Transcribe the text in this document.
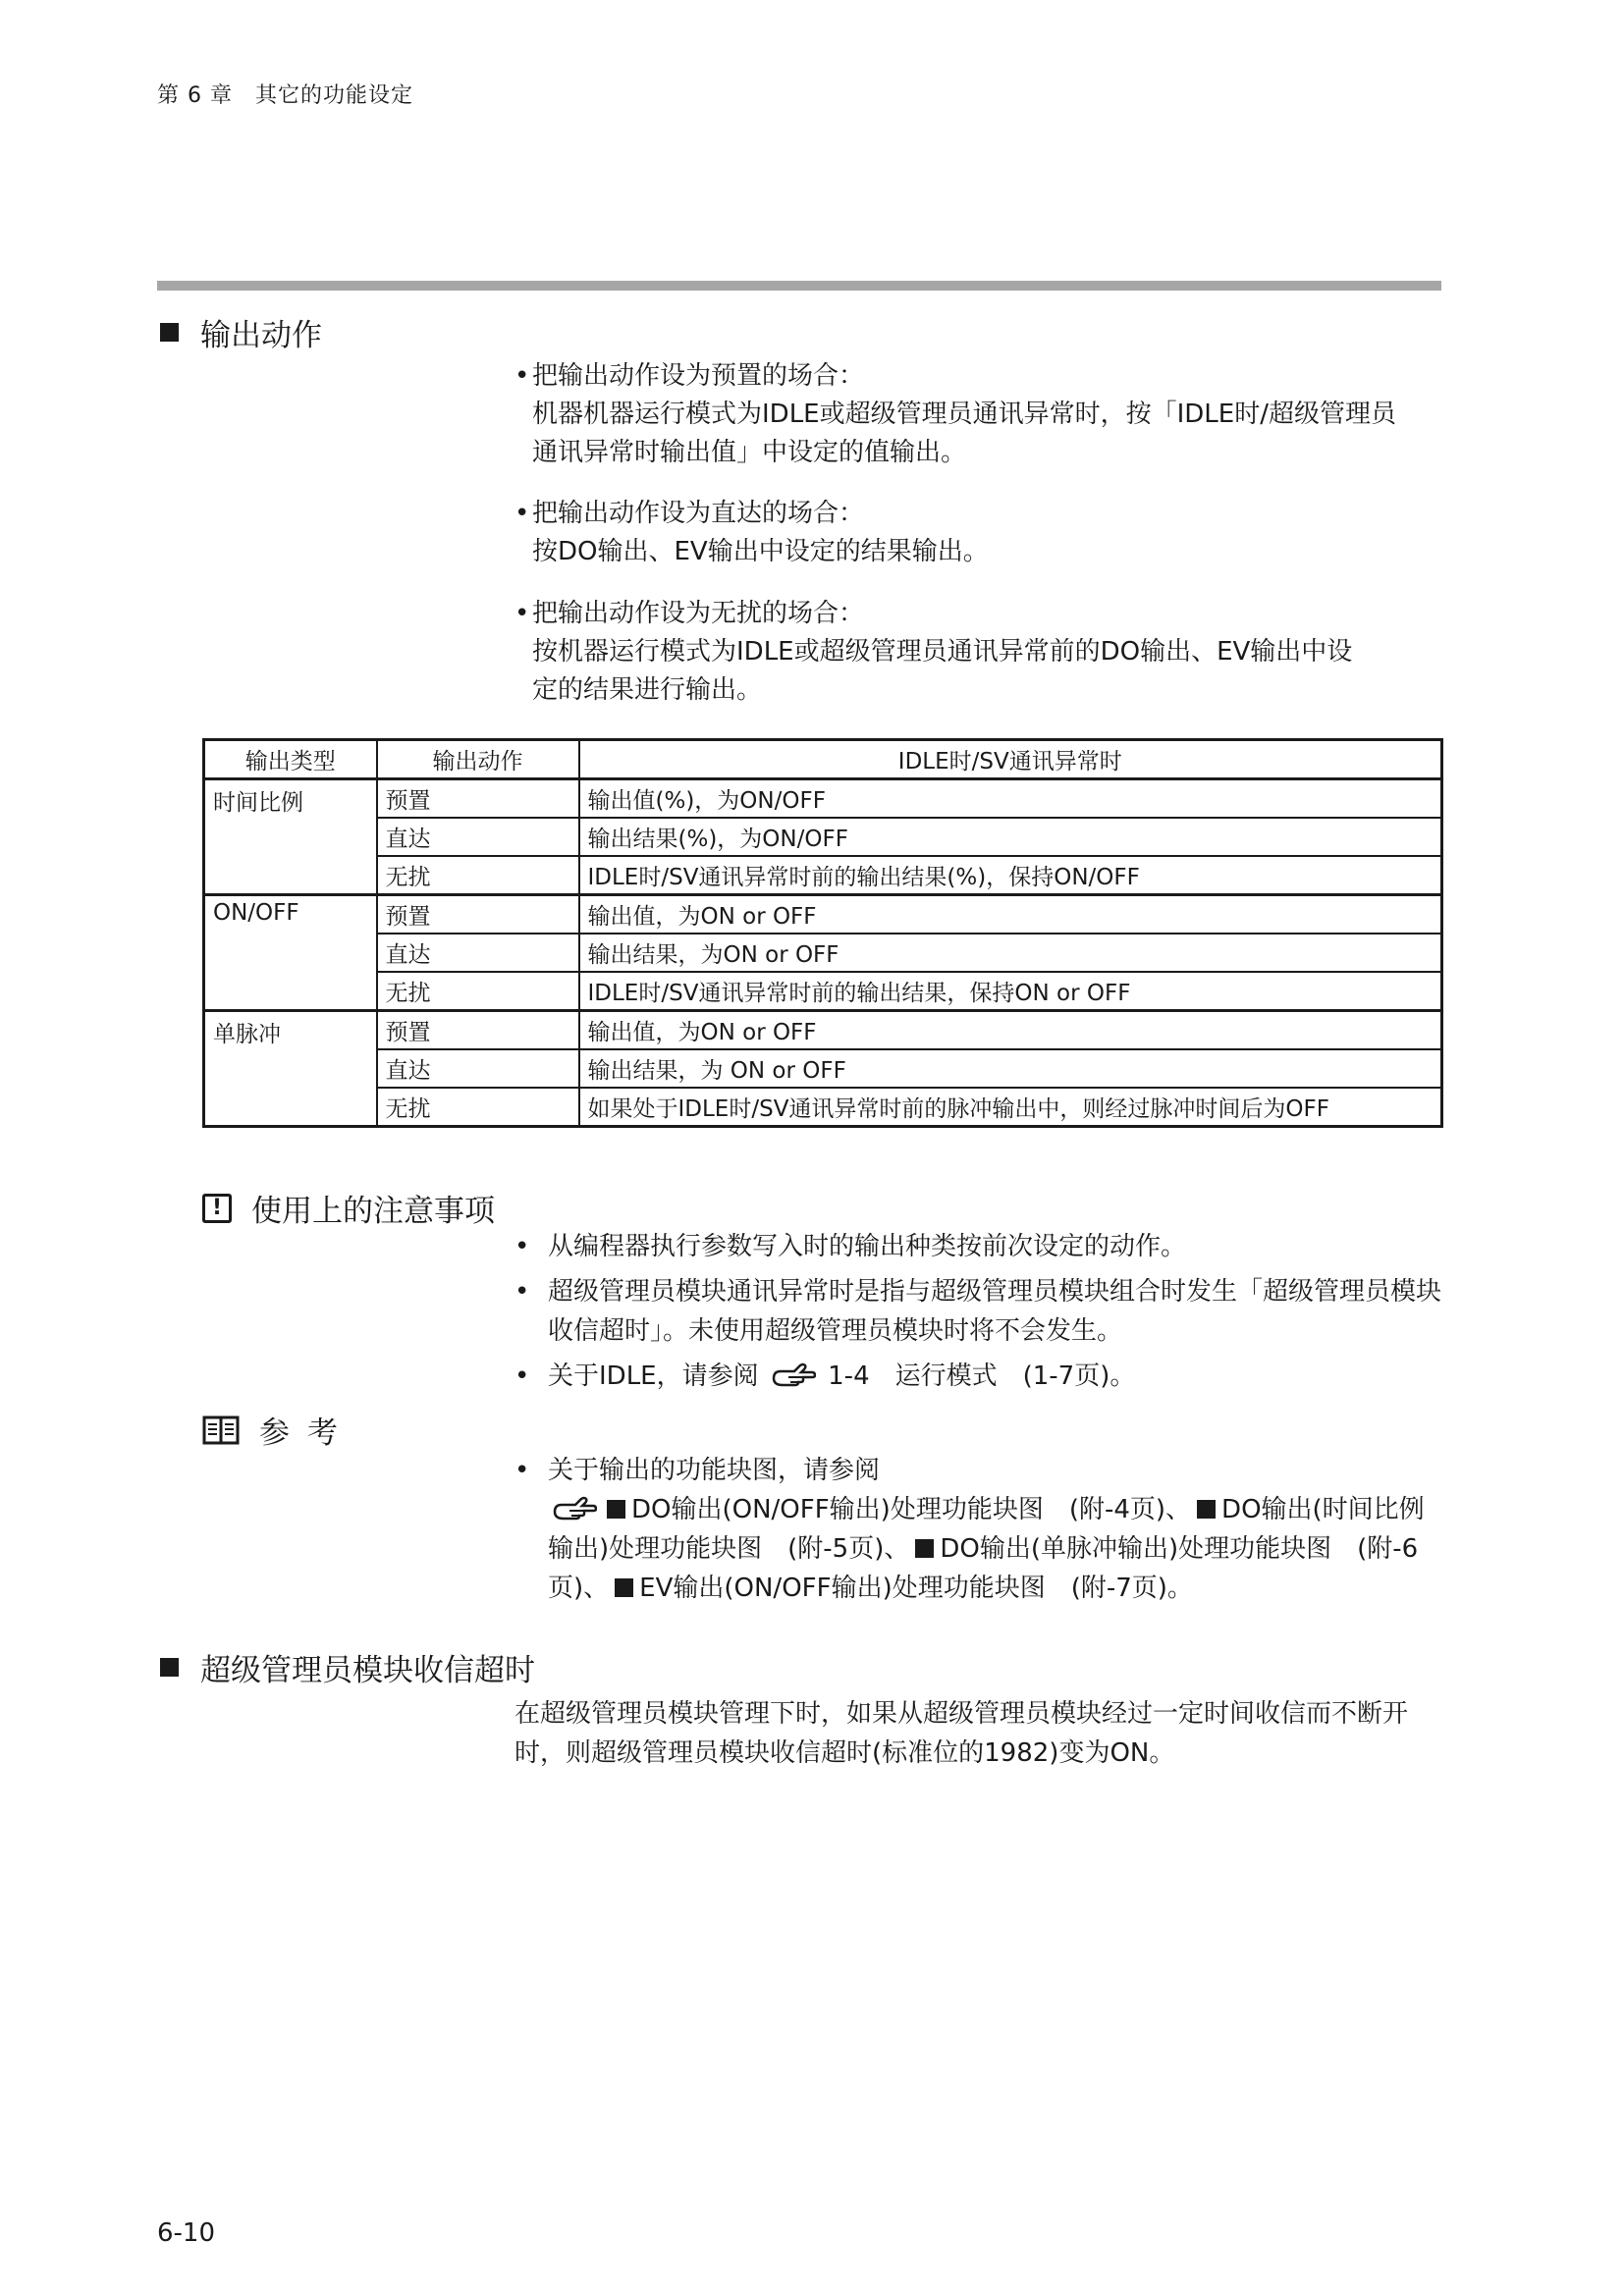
第 6 章　其它的功能设定
输出动作
• 把输出动作设为预置的场合：
机器机器运行模式为IDLE或超级管理员通讯异常时，按「IDLE时/超级管理员
通讯异常时输出值」中设定的值输出。
• 把输出动作设为直达的场合：
按DO输出、EV输出中设定的结果输出。
• 把输出动作设为无扰的场合：
按机器运行模式为IDLE或超级管理员通讯异常前的DO输出、EV输出中设
定的结果进行输出。
输出类型	输出动作	IDLE时/SV通讯异常时
时间比例	预置	输出值(%)，为ON/OFF
	直达	输出结果(%)，为ON/OFF
	无扰	IDLE时/SV通讯异常时前的输出结果(%)，保持ON/OFF
ON/OFF	预置	输出值，为ON or OFF
	直达	输出结果，为ON or OFF
	无扰	IDLE时/SV通讯异常时前的输出结果，保持ON or OFF
单脉冲	预置	输出值，为ON or OFF
	直达	输出结果，为 ON or OFF
	无扰	如果处于IDLE时/SV通讯异常时前的脉冲输出中，则经过脉冲时间后为OFF
! 使用上的注意事项
• 从编程器执行参数写入时的输出种类按前次设定的动作。
• 超级管理员模块通讯异常时是指与超级管理员模块组合时发生「超级管理员模块收信超时」。未使用超级管理员模块时将不会发生。
• 关于IDLE，请参阅	1-4　运行模式　(1-7页)。
参 考
• 关于输出的功能块图，请参阅
DO输出(ON/OFF输出)处理功能块图　(附-4页)、 DO输出(时间比例输出)处理功能块图　(附-5页)、 DO输出(单脉冲输出)处理功能块图　(附-6页)、 EV输出(ON/OFF输出)处理功能块图　(附-7页)。
超级管理员模块收信超时
在超级管理员模块管理下时，如果从超级管理员模块经过一定时间收信而不断开时，则超级管理员模块收信超时(标准位的1982)变为ON。
6-10
